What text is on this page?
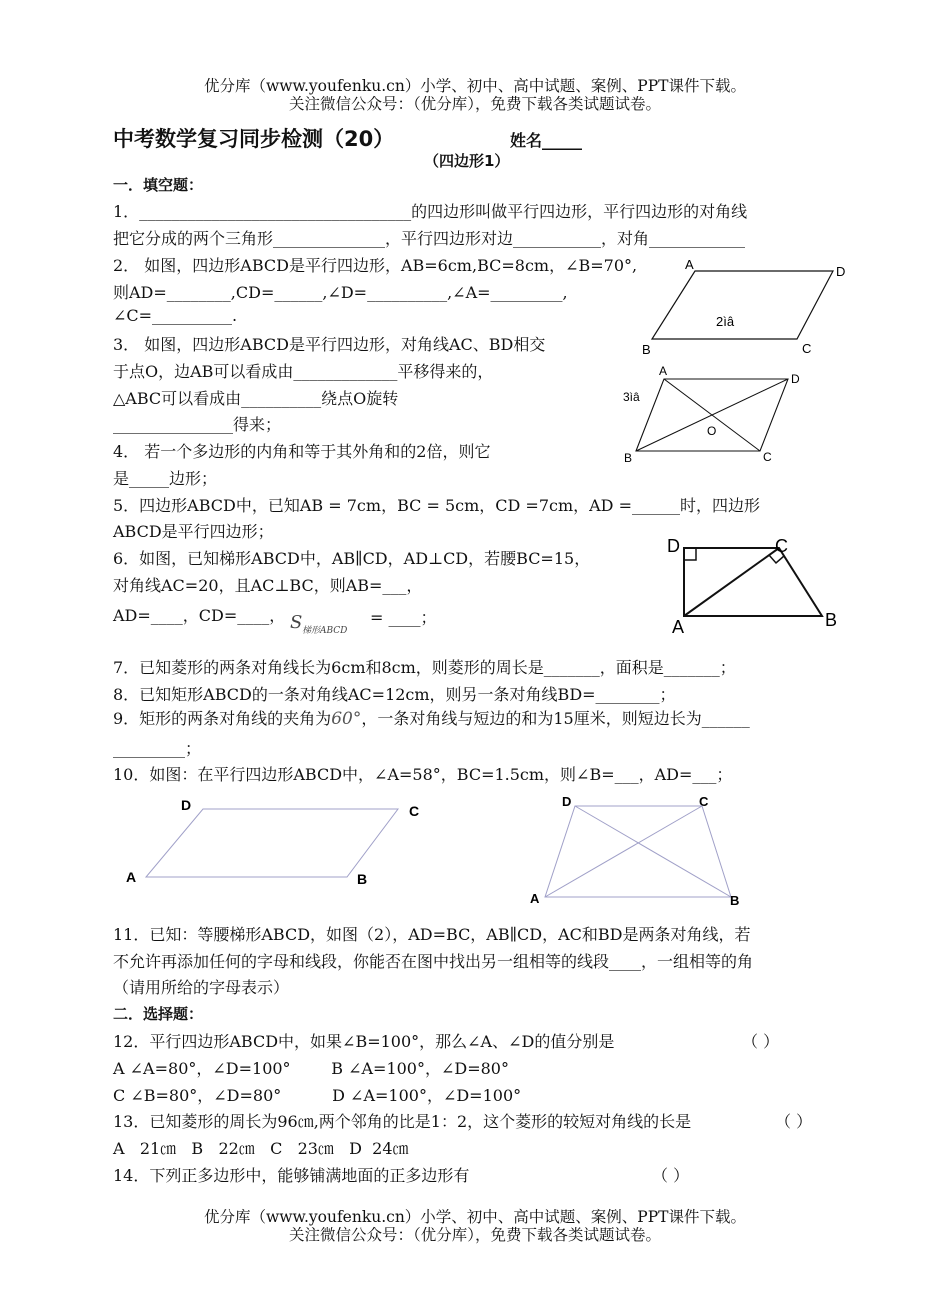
优分库（www.youfenku.cn）小学、初中、高中试题、案例、PPT课件下载。
关注微信公众号：（优分库），免费下载各类试题试卷。
中考数学复习同步检测（20）	姓名_____
（四边形1）
一．填空题：
1．__________________________________的四边形叫做平行四边形，平行四边形的对角线
把它分成的两个三角形______________，平行四边形对边___________，对角____________
2． 如图，四边形ABCD是平行四边形，AB=6cm,BC=8cm，∠B=70°,
则AD=________,CD=______,∠D=__________,∠A=_________,
∠C=__________.
3． 如图，四边形ABCD是平行四边形，对角线AC、BD相交
于点O，边AB可以看成由_____________平移得来的，
△ABC可以看成由__________绕点O旋转
_______________得来；
4． 若一个多边形的内角和等于其外角和的2倍，则它
是_____边形；
5．四边形ABCD中，已知AB = 7cm，BC = 5cm，CD =7cm，AD =______时，四边形
ABCD是平行四边形；
6．如图，已知梯形ABCD中，AB∥CD，AD⊥CD，若腰BC=15，
对角线AC=20，且AC⊥BC，则AB=___，
AD=____，CD=____， S 梯形ABCD
= ____；
7．已知菱形的两条对角线长为6cm和8cm，则菱形的周长是_______，面积是_______；
8．已知矩形ABCD的一条对角线AC=12cm，则另一条对角线BD=________；
9．矩形的两条对角线的夹角为60°，一条对角线与短边的和为15厘米，则短边长为______
_________；
10．如图：在平行四边形ABCD中，∠A=58°，BC=1.5cm，则∠B=___，AD=___；
11．已知：等腰梯形ABCD，如图（2），AD=BC，AB∥CD，AC和BD是两条对角线，若
不允许再添加任何的字母和线段，你能否在图中找出另一组相等的线段____，一组相等的角
（请用所给的字母表示）
二．选择题：
12．平行四边形ABCD中，如果∠B=100°，那么∠A、∠D的值分别是	（ ）
A ∠A=80°，∠D=100°        B ∠A=100°，∠D=80°
C ∠B=80°，∠D=80°          D ∠A=100°，∠D=100°
13．已知菱形的周长为96㎝,两个邻角的比是1：2，这个菱形的较短对角线的长是	（ ）
A   21㎝   B   22㎝   C   23㎝   D  24㎝
14．下列正多边形中，能够铺满地面的正多边形有	（ ）
优分库（www.youfenku.cn）小学、初中、高中试题、案例、PPT课件下载。
关注微信公众号：（优分库），免费下载各类试题试卷。
A	D
B	C
2ìâ
A
D
B	C
O
3ìâ
D	C
A	B
D	C
A	B
D	C
A	B
